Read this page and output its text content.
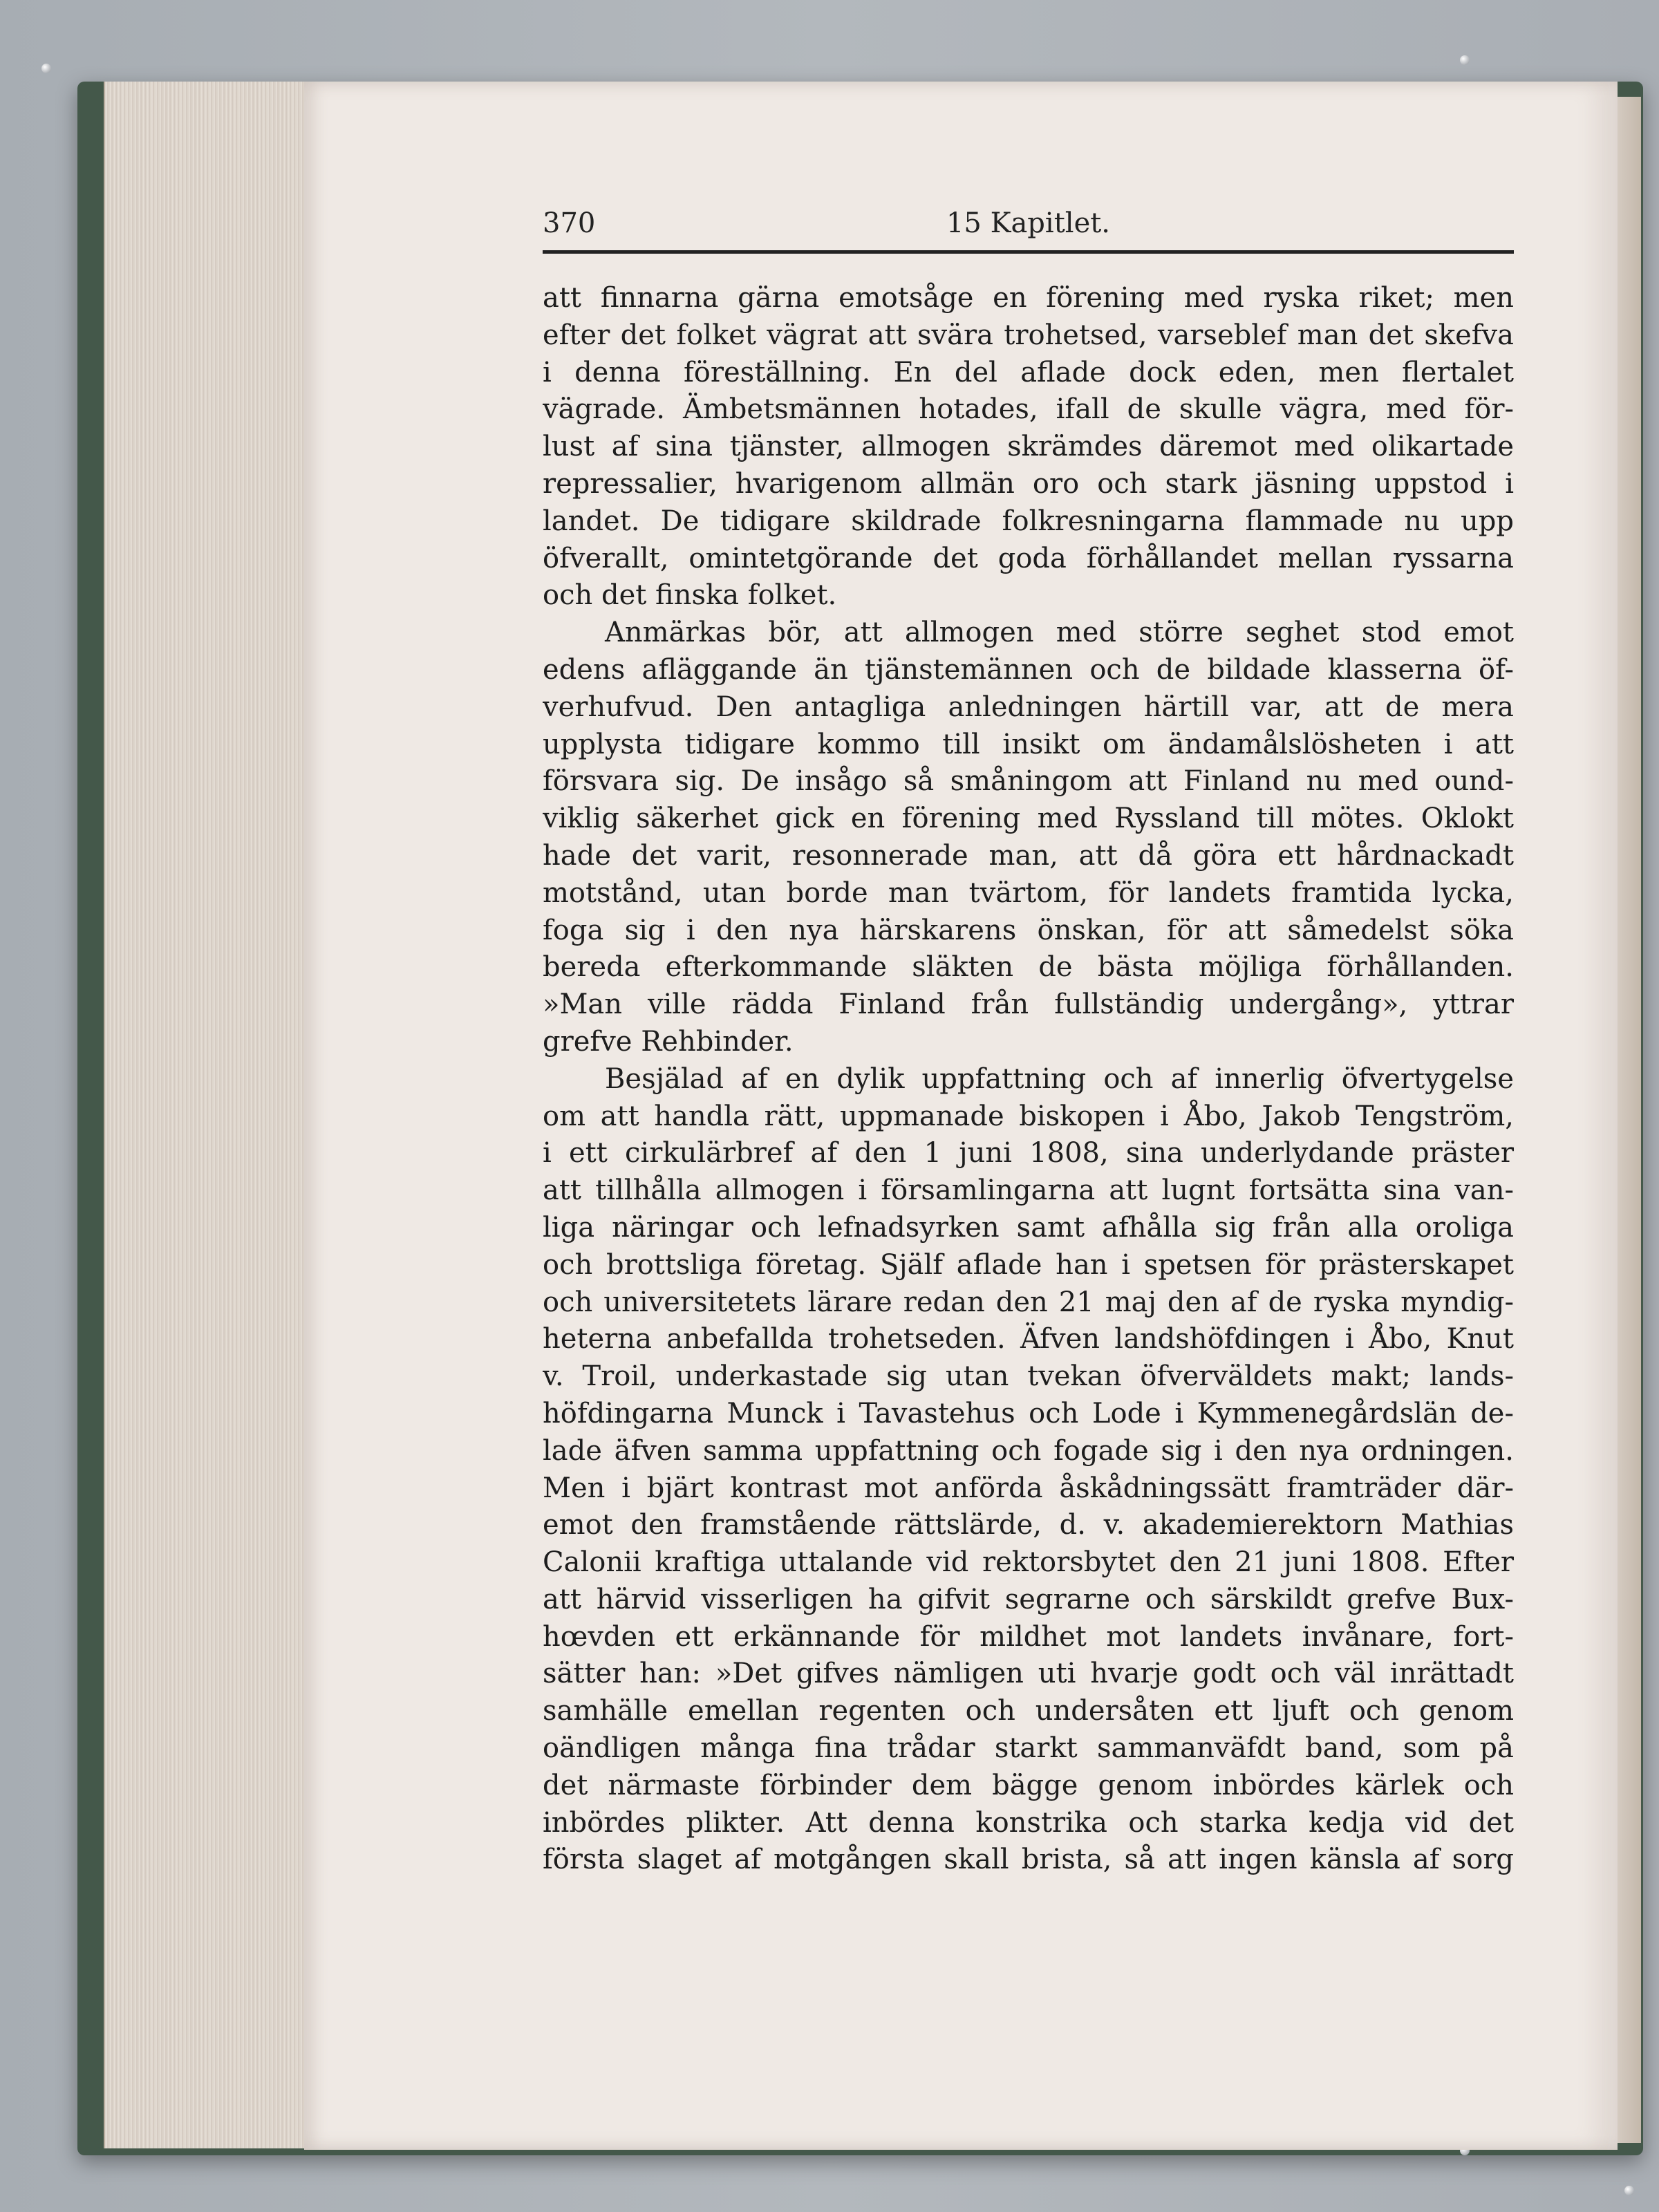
15 Kapitlet.
370
att finnarna gärna emotsåge en förening med ryska riket; men
efter det folket vägrat att svära trohetsed, varseblef man det skefva
i denna föreställning. En del aflade dock eden, men flertalet
vägrade. Ämbetsmännen hotades, ifall de skulle vägra, med för-
lust af sina tjänster, allmogen skrämdes däremot med olikartade
repressalier, hvarigenom allmän oro och stark jäsning uppstod i
landet. De tidigare skildrade folkresningarna flammade nu upp
öfverallt, omintetgörande det goda förhållandet mellan ryssarna
och det finska folket.
Anmärkas bör, att allmogen med större seghet stod emot
edens afläggande än tjänstemännen och de bildade klasserna öf-
verhufvud. Den antagliga anledningen härtill var, att de mera
upplysta tidigare kommo till insikt om ändamålslösheten i att
försvara sig. De insågo så småningom att Finland nu med ound-
viklig säkerhet gick en förening med Ryssland till mötes. Oklokt
hade det varit, resonnerade man, att då göra ett hårdnackadt
motstånd, utan borde man tvärtom, för landets framtida lycka,
foga sig i den nya härskarens önskan, för att såmedelst söka
bereda efterkommande släkten de bästa möjliga förhållanden.
»Man ville rädda Finland från fullständig undergång», yttrar
grefve Rehbinder.
Besjälad af en dylik uppfattning och af innerlig öfvertygelse
om att handla rätt, uppmanade biskopen i Åbo, Jakob Tengström,
i ett cirkulärbref af den 1 juni 1808, sina underlydande präster
att tillhålla allmogen i församlingarna att lugnt fortsätta sina van-
liga näringar och lefnadsyrken samt afhålla sig från alla oroliga
och brottsliga företag. Själf aflade han i spetsen för prästerskapet
och universitetets lärare redan den 21 maj den af de ryska myndig-
heterna anbefallda trohetseden. Äfven landshöfdingen i Åbo, Knut
v. Troil, underkastade sig utan tvekan öfverväldets makt; lands-
höfdingarna Munck i Tavastehus och Lode i Kymmenegårdslän de-
lade äfven samma uppfattning och fogade sig i den nya ordningen.
Men i bjärt kontrast mot anförda åskådningssätt framträder där-
emot den framstående rättslärde, d. v. akademierektorn Mathias
Calonii kraftiga uttalande vid rektorsbytet den 21 juni 1808. Efter
att härvid visserligen ha gifvit segrarne och särskildt grefve Bux-
hœvden ett erkännande för mildhet mot landets invånare, fort-
sätter han: »Det gifves nämligen uti hvarje godt och väl inrättadt
samhälle emellan regenten och undersåten ett ljuft och genom
oändligen många fina trådar starkt sammanväfdt band, som på
det närmaste förbinder dem bägge genom inbördes kärlek och
inbördes plikter. Att denna konstrika och starka kedja vid det
första slaget af motgången skall brista, så att ingen känsla af sorg
